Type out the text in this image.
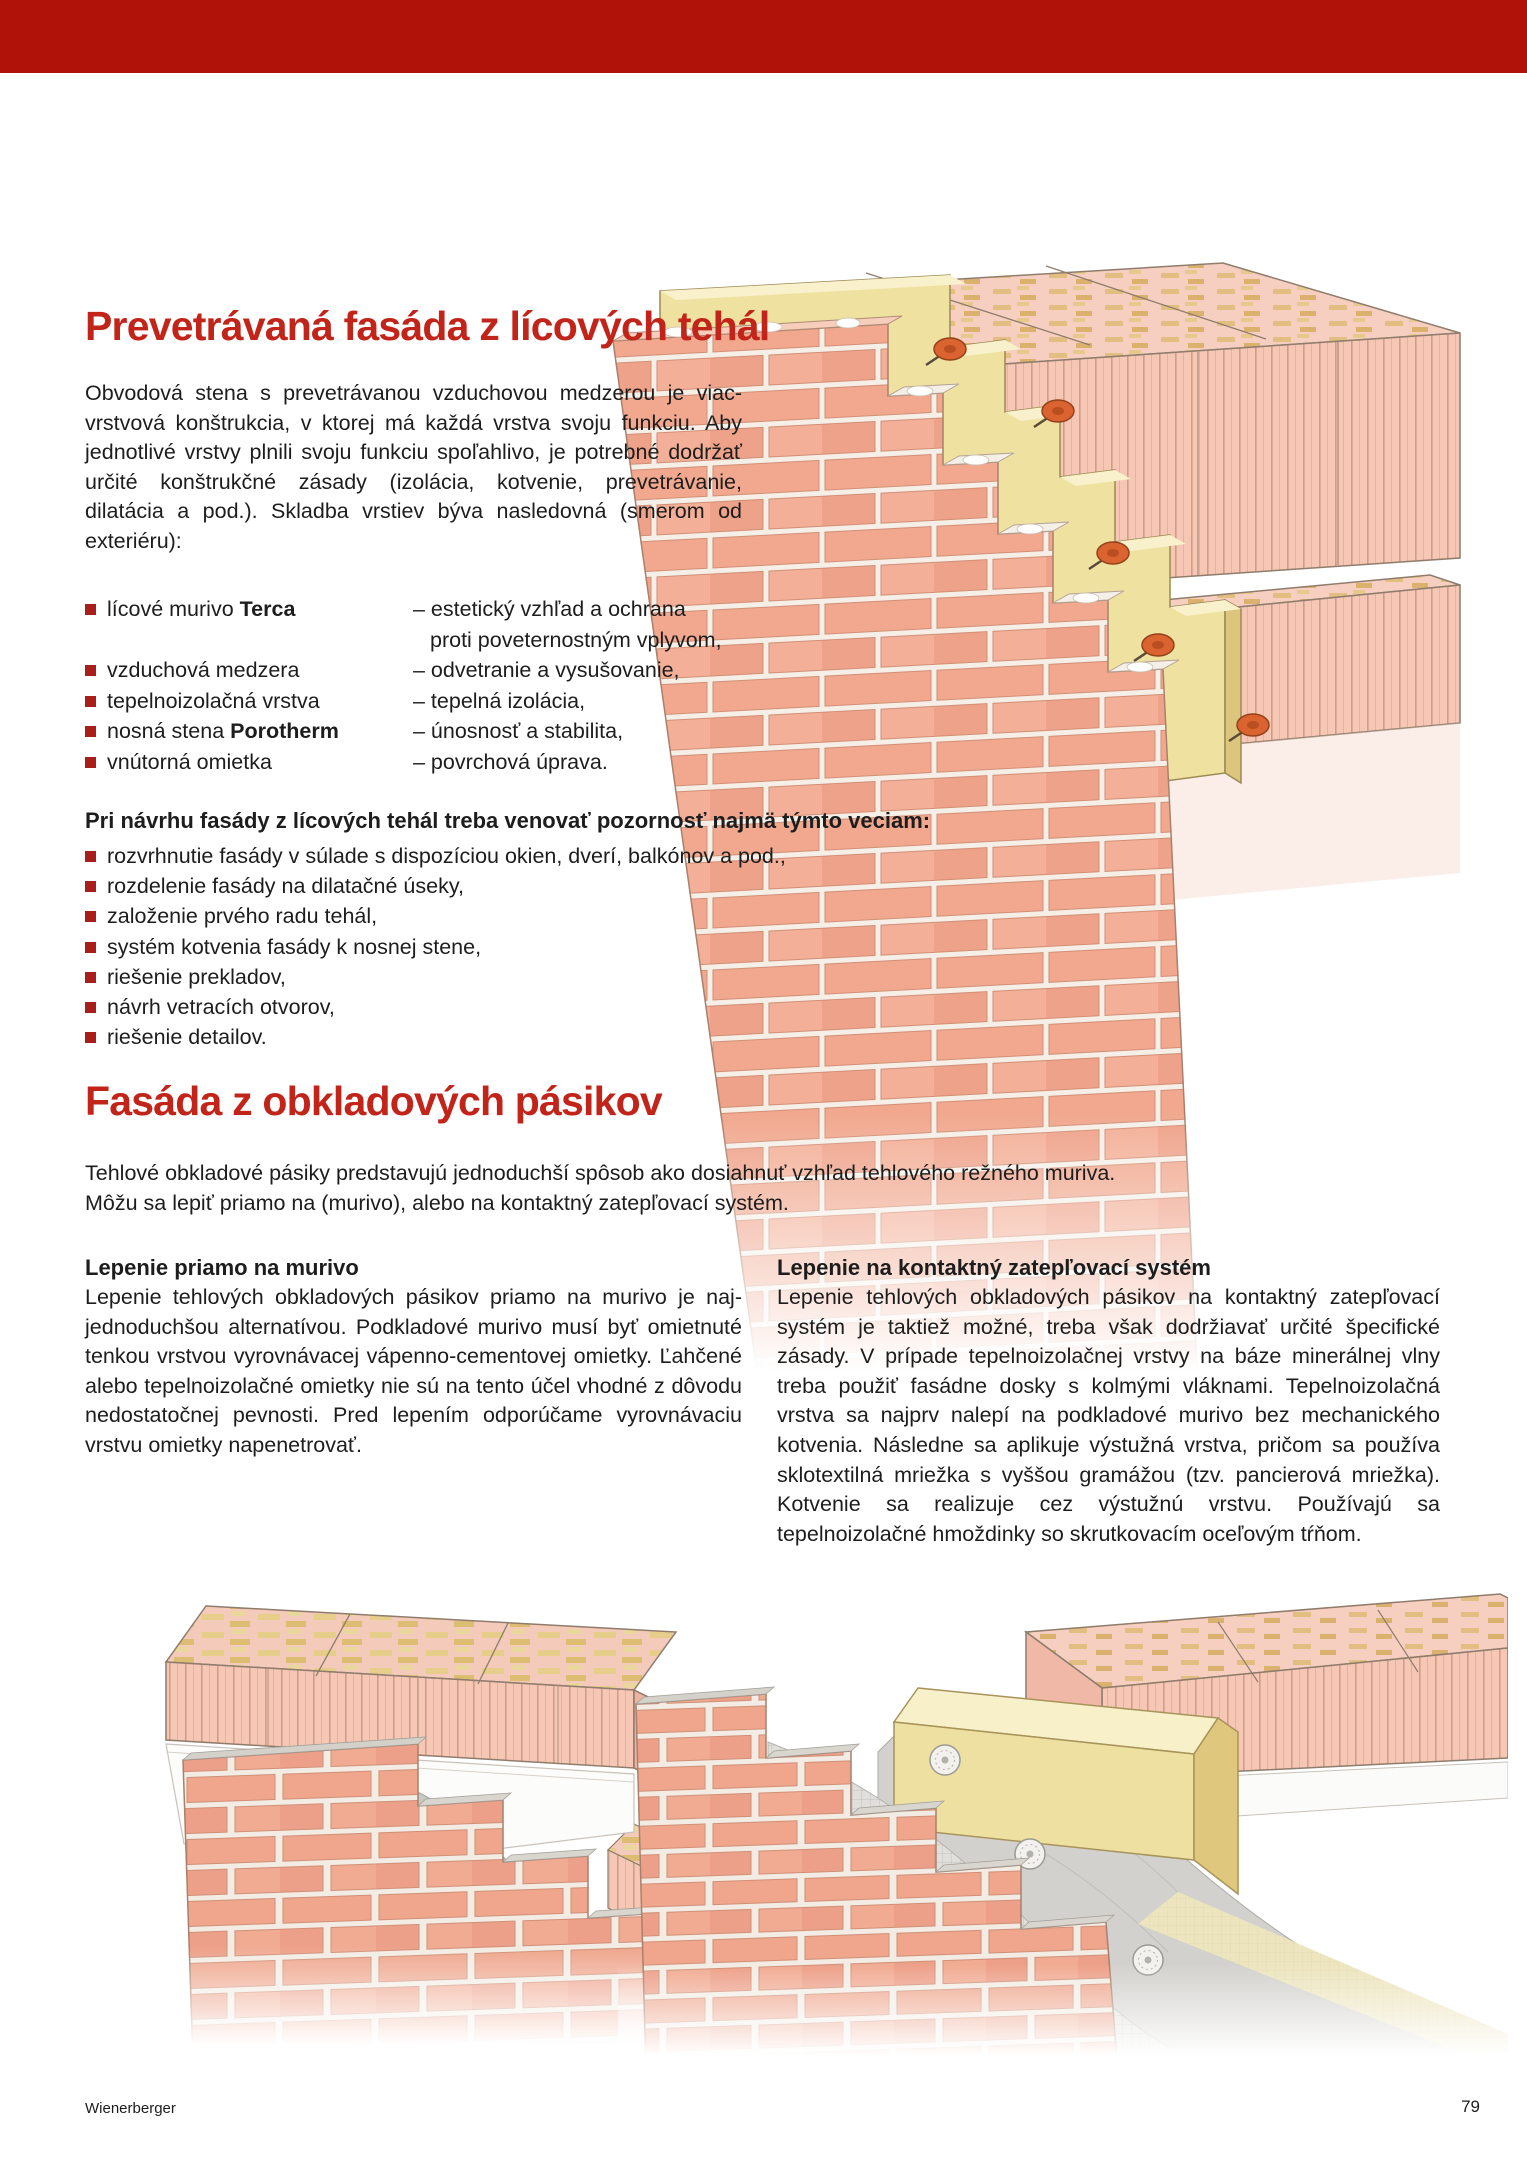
Prevetrávaná fasáda z lícových tehál

Obvodová stena s prevetrávanou vzduchovou medzerou je viacvrstvová konštrukcia, v ktorej má každá vrstva svoju funkciu. Aby jednotlivé vrstvy plnili svoju funkciu spoľahlivo, je potrebné dodržať určité konštrukčné zásady (izolácia, kotvenie, prevetrávanie, dilatácia a pod.). Skladba vrstiev býva nasledovná (smerom od exteriéru):

lícové murivo Terca	– estetický vzhľad a ochrana
proti poveternostným vplyvom,
vzduchová medzera	– odvetranie a vysušovanie,
tepelnoizolačná vrstva	– tepelná izolácia,
nosná stena Porotherm	– únosnosť a stabilita,
vnútorná omietka	– povrchová úprava.

Pri návrhu fasády z lícových tehál treba venovať pozornosť najmä týmto veciam:

rozvrhnutie fasády v súlade s dispozíciou okien, dverí, balkónov a pod.,
rozdelenie fasády na dilatačné úseky,
založenie prvého radu tehál,
systém kotvenia fasády k nosnej stene,
riešenie prekladov,
návrh vetracích otvorov,
riešenie detailov.
Fasáda z obkladových pásikov

Tehlové obkladové pásiky predstavujú jednoduchší spôsob ako dosiahnuť vzhľad tehlového režného muriva.
Môžu sa lepiť priamo na (murivo), alebo na kontaktný zatepľovací systém.

Lepenie priamo na murivo

Lepenie tehlových obkladových pásikov priamo na murivo je najjednoduchšou alternatívou. Podkladové murivo musí byť omietnuté tenkou vrstvou vyrovnávacej vápenno-cementovej omietky. Ľahčené alebo tepelnoizolačné omietky nie sú na tento účel vhodné z dôvodu nedostatočnej pevnosti. Pred lepením odporúčame vyrovnávaciu vrstvu omietky napenetrovať.

Lepenie na kontaktný zatepľovací systém

Lepenie tehlových obkladových pásikov na kontaktný zatepľovací systém je taktiež možné, treba však dodržiavať určité špecifické zásady. V prípade tepelnoizolačnej vrstvy na báze minerálnej vlny treba použiť fasádne dosky s kolmými vláknami. Tepelnoizolačná vrstva sa najprv nalepí na podkladové murivo bez mechanického kotvenia. Následne sa aplikuje výstužná vrstva, pričom sa používa sklotextilná mriežka s vyššou gramážou (tzv. pancierová mriežka). Kotvenie sa realizuje cez výstužnú vrstvu. Používajú sa tepelnoizolačné hmoždinky so skrutkovacím oceľovým tŕňom.

Wienerberger	79
